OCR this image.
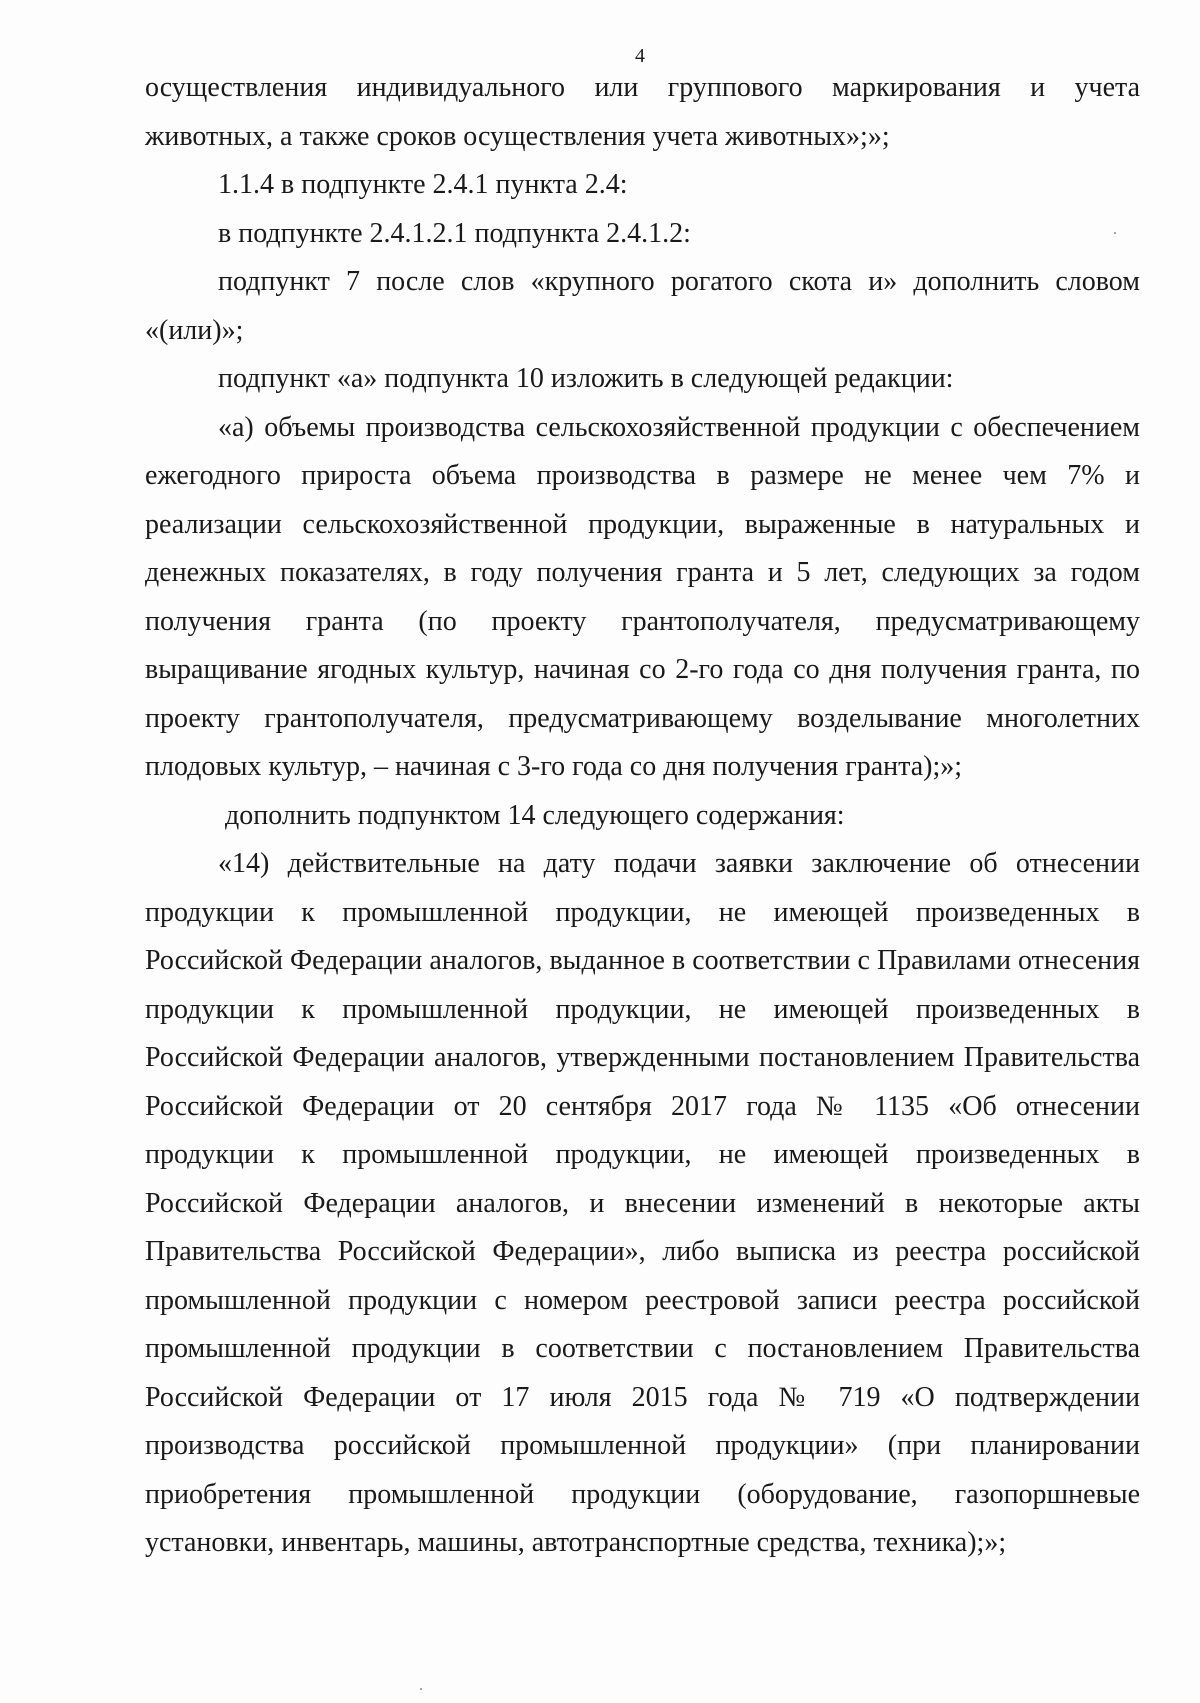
4

осуществления индивидуального или группового маркирования и учета животных, а также сроков осуществления учета животных»;»;

1.1.4 в подпункте 2.4.1 пункта 2.4:

в подпункте 2.4.1.2.1 подпункта 2.4.1.2:

подпункт 7 после слов «крупного рогатого скота и» дополнить словом «(или)»;

подпункт «а» подпункта 10 изложить в следующей редакции:

«а) объемы производства сельскохозяйственной продукции с обеспечением ежегодного прироста объема производства в размере не менее чем 7% и реализации сельскохозяйственной продукции, выраженные в натуральных и денежных показателях, в году получения гранта и 5 лет, следующих за годом получения гранта (по проекту грантополучателя, предусматривающему выращивание ягодных культур, начиная со 2-го года со дня получения гранта, по проекту грантополучателя, предусматривающему возделывание многолетних плодовых культур, – начиная с 3-го года со дня получения гранта);»;

дополнить подпунктом 14 следующего содержания:

«14) действительные на дату подачи заявки заключение об отнесении продукции к промышленной продукции, не имеющей произведенных в Российской Федерации аналогов, выданное в соответствии с Правилами отнесения продукции к промышленной продукции, не имеющей произведенных в Российской Федерации аналогов, утвержденными постановлением Правительства Российской Федерации от 20 сентября 2017 года № 1135 «Об отнесении продукции к промышленной продукции, не имеющей произведенных в Российской Федерации аналогов, и внесении изменений в некоторые акты Правительства Российской Федерации», либо выписка из реестра российской промышленной продукции с номером реестровой записи реестра российской промышленной продукции в соответствии с постановлением Правительства Российской Федерации от 17 июля 2015 года № 719 «О подтверждении производства российской промышленной продукции» (при планировании приобретения промышленной продукции (оборудование, газопоршневые установки, инвентарь, машины, автотранспортные средства, техника);»;
